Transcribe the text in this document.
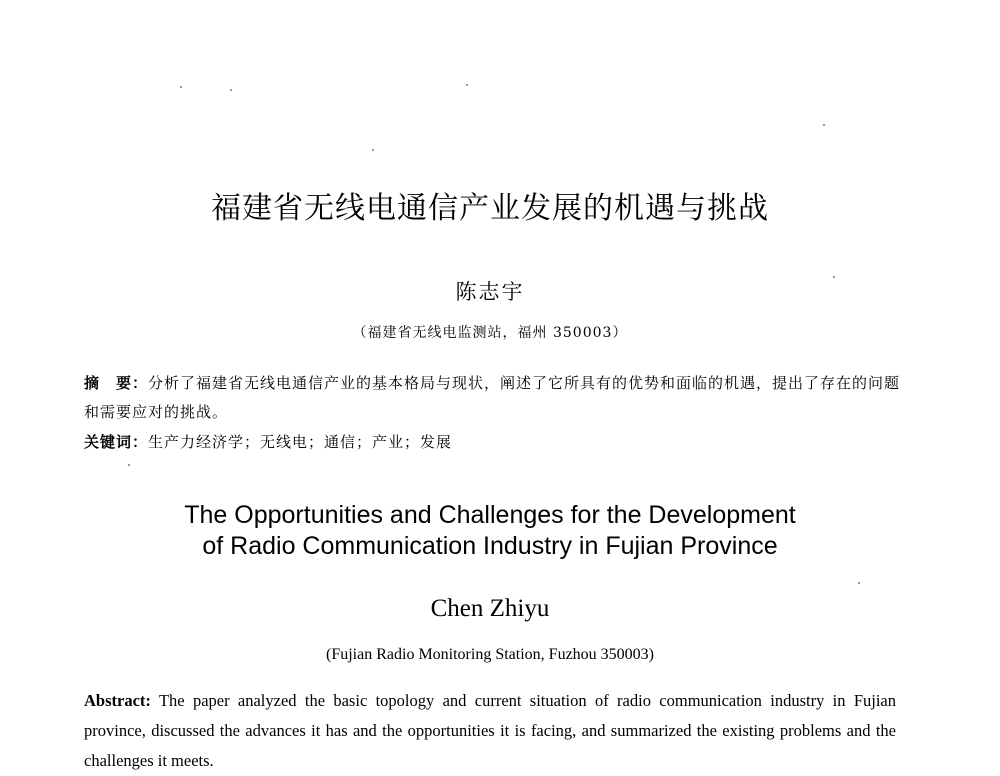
福建省无线电通信产业发展的机遇与挑战
陈志宇
（福建省无线电监测站，福州 350003）
摘　要：分析了福建省无线电通信产业的基本格局与现状，阐述了它所具有的优势和面临的机遇，提出了存在的问题和需要应对的挑战。
关键词：生产力经济学；无线电；通信；产业；发展
The Opportunities and Challenges for the Development
of Radio Communication Industry in Fujian Province
Chen Zhiyu
(Fujian Radio Monitoring Station, Fuzhou 350003)
Abstract: The paper analyzed the basic topology and current situation of radio communication industry in Fujian province, discussed the advances it has and the opportunities it is facing, and summarized the existing problems and the challenges it meets.
